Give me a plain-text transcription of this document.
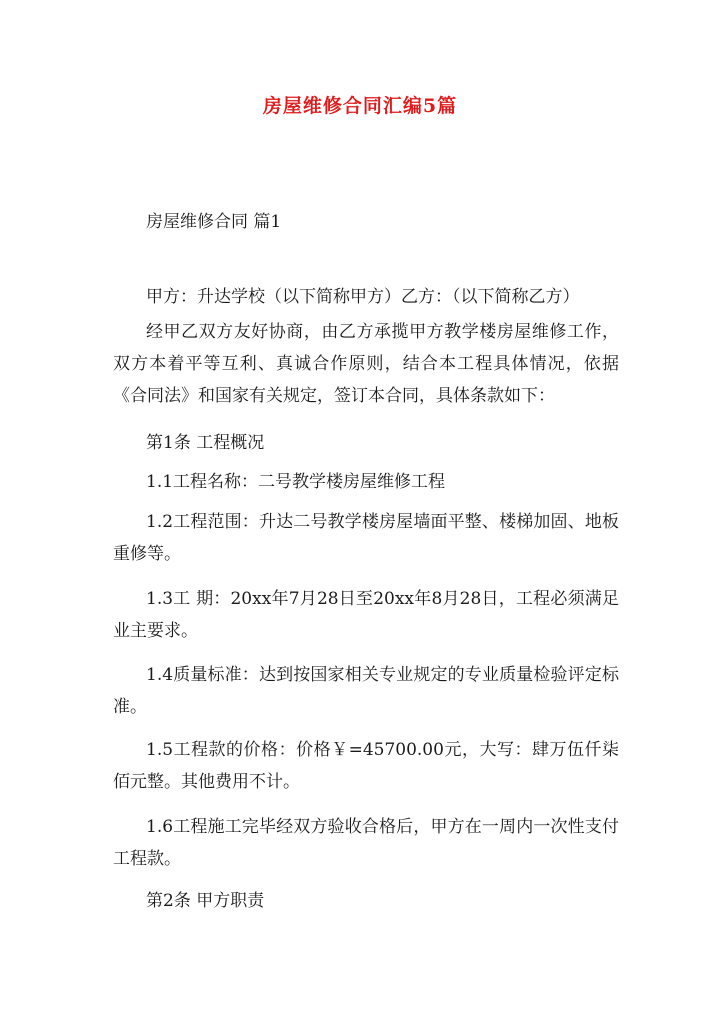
房屋维修合同汇编5篇
房屋维修合同 篇1

甲方：升达学校（以下简称甲方）乙方：（以下简称乙方）

经甲乙双方友好协商，由乙方承揽甲方教学楼房屋维修工作，双方本着平等互利、真诚合作原则，结合本工程具体情况，依据《合同法》和国家有关规定，签订本合同，具体条款如下：

第1条 工程概况

1.1工程名称：二号教学楼房屋维修工程

1.2工程范围：升达二号教学楼房屋墙面平整、楼梯加固、地板重修等。

1.3工 期：20xx年7月28日至20xx年8月28日，工程必须满足业主要求。

1.4质量标准：达到按国家相关专业规定的专业质量检验评定标准。

1.5工程款的价格：价格￥=45700.00元，大写：肆万伍仟柒佰元整。其他费用不计。

1.6工程施工完毕经双方验收合格后，甲方在一周内一次性支付工程款。

第2条 甲方职责
